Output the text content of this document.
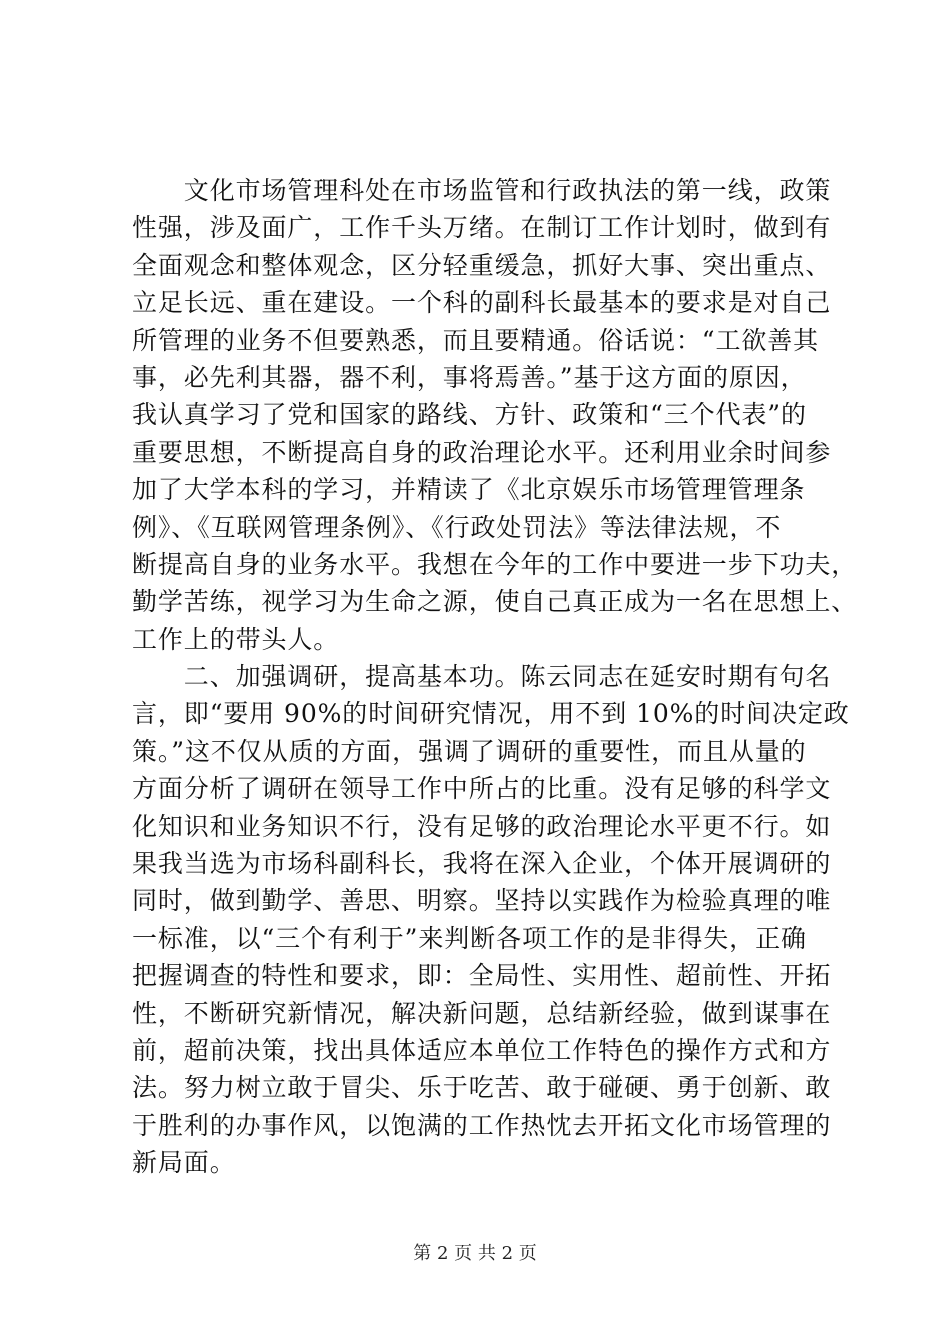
　　文化市场管理科处在市场监管和行政执法的第一线，政策
性强，涉及面广，工作千头万绪。在制订工作计划时，做到有
全面观念和整体观念，区分轻重缓急，抓好大事、突出重点、
立足长远、重在建设。一个科的副科长最基本的要求是对自己
所管理的业务不但要熟悉，而且要精通。俗话说：“工欲善其
事，必先利其器，器不利，事将焉善。”基于这方面的原因，
我认真学习了党和国家的路线、方针、政策和“三个代表”的
重要思想，不断提高自身的政治理论水平。还利用业余时间参
加了大学本科的学习，并精读了《北京娱乐市场管理管理条
例》、《互联网管理条例》、《行政处罚法》等法律法规，不
断提高自身的业务水平。我想在今年的工作中要进一步下功夫，
勤学苦练，视学习为生命之源，使自己真正成为一名在思想上、
工作上的带头人。
　　二、加强调研，提高基本功。陈云同志在延安时期有句名
言，即“要用 90%的时间研究情况，用不到 10%的时间决定政
策。”这不仅从质的方面，强调了调研的重要性，而且从量的
方面分析了调研在领导工作中所占的比重。没有足够的科学文
化知识和业务知识不行，没有足够的政治理论水平更不行。如
果我当选为市场科副科长，我将在深入企业，个体开展调研的
同时，做到勤学、善思、明察。坚持以实践作为检验真理的唯
一标准，以“三个有利于”来判断各项工作的是非得失，正确
把握调查的特性和要求，即：全局性、实用性、超前性、开拓
性，不断研究新情况，解决新问题，总结新经验，做到谋事在
前，超前决策，找出具体适应本单位工作特色的操作方式和方
法。努力树立敢于冒尖、乐于吃苦、敢于碰硬、勇于创新、敢
于胜利的办事作风，以饱满的工作热忱去开拓文化市场管理的
新局面。
第 2 页 共 2 页
